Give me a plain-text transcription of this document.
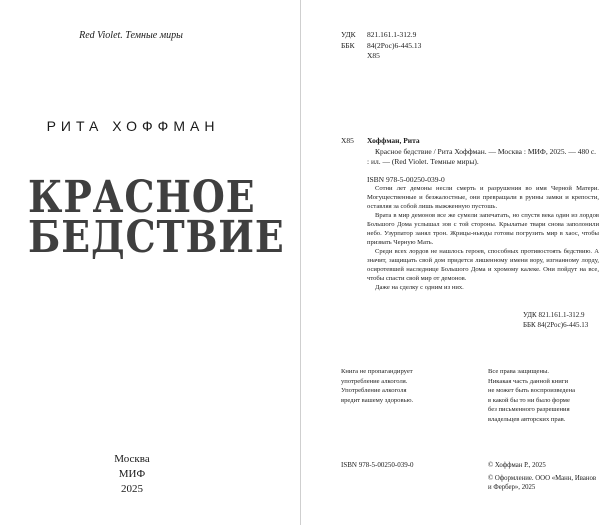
Red Violet. Темные миры
РИТА ХОФФМАН
КРАСНОЕ
БЕДСТВИЕ
Москва
МИФ
2025
УДК	821.161.1-312.9
ББК	84(2Рос)6-445.13
Х85
Х85 Хоффман, Рита
Красное бедствие / Рита Хоффман. — Москва : МИФ, 2025. — 480 с. : ил. — (Red Violet. Темные миры).
ISBN 978-5-00250-039-0

Сотни лет демоны несли смерть и разрушения во имя Черной Матери. Могущественные и безжалостные, они превращали в руины замки и крепости, оставляя за собой лишь выжженную пустошь.

Врата в мир демонов все же сумели запечатать, но спустя века один из лордов Большого Дома услышал зов с той стороны. Крылатые твари снова заполонили небо. Узурпатор занял трон. Жрицы-ньюды готовы погрузить мир в хаос, чтобы призвать Черную Мать.

Среди всех лордов не нашлось героев, способных противостоять бедствию. А значит, защищать свой дом придется лишенному имени вору, изгнанному лорду, осиротевшей наследнице Большого Дома и хромому калеке. Они пойдут на все, чтобы спасти свой мир от демонов.

Даже на сделку с одним из них.

УДК 821.161.1-312.9
ББК 84(2Рос)6-445.13
Книга не пропагандирует
употребление алкоголя.
Употребление алкоголя
вредит вашему здоровью.
Все права защищены.
Никакая часть данной книги
не может быть воспроизведена
в какой бы то ни было форме
без письменного разрешения
владельцев авторских прав.
ISBN 978-5-00250-039-0	© Хоффман Р., 2025
© Оформление. ООО «Манн, Иванов и Фербер», 2025
